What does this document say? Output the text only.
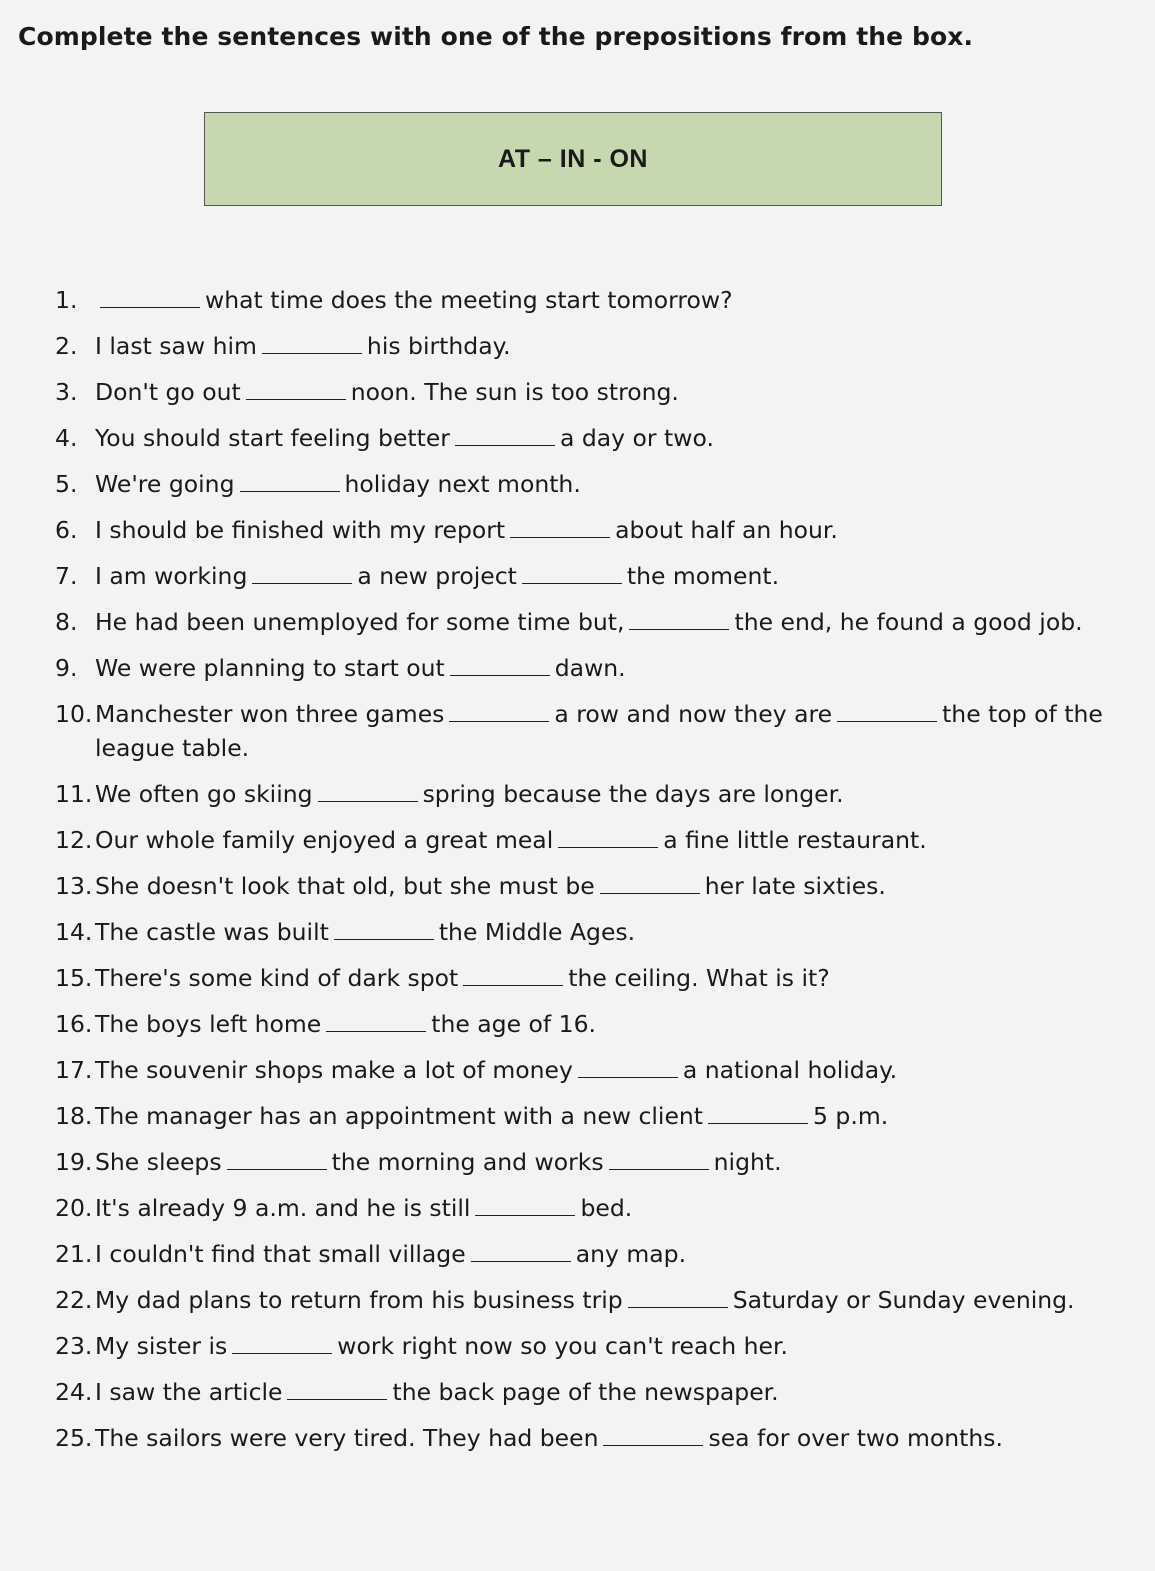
Complete the sentences with one of the prepositions from the box.
AT – IN - ON
1.	what time does the meeting start tomorrow?
2. I last saw him	his birthday.
3. Don't go out	noon. The sun is too strong.
4. You should start feeling better	a day or two.
5. We're going	holiday next month.
6. I should be finished with my report	about half an hour.
7. I am working	a new project	the moment.
8. He had been unemployed for some time but,	the end, he found a good job.
9. We were planning to start out	dawn.
10. Manchester won three games	a row and now they are	the top of the league table.
11. We often go skiing	spring because the days are longer.
12. Our whole family enjoyed a great meal	a fine little restaurant.
13. She doesn't look that old, but she must be	her late sixties.
14. The castle was built	the Middle Ages.
15. There's some kind of dark spot	the ceiling. What is it?
16. The boys left home	the age of 16.
17. The souvenir shops make a lot of money	a national holiday.
18. The manager has an appointment with a new client	5 p.m.
19. She sleeps	the morning and works	night.
20. It's already 9 a.m. and he is still	bed.
21. I couldn't find that small village	any map.
22. My dad plans to return from his business trip	Saturday or Sunday evening.
23. My sister is	work right now so you can't reach her.
24. I saw the article	the back page of the newspaper.
25. The sailors were very tired. They had been	sea for over two months.
